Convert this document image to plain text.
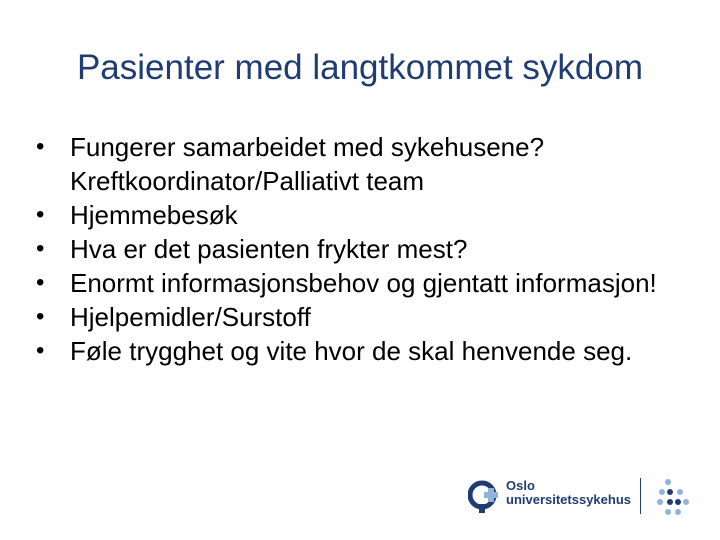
Pasienter med langtkommet sykdom
• Fungerer samarbeidet med sykehusene? Kreftkoordinator/Palliativt team
• Hjemmebesøk
• Hva er det pasienten frykter mest?
• Enormt informasjonsbehov og gjentatt informasjon!
• Hjelpemidler/Surstoff
• Føle trygghet og vite hvor de skal henvende seg.
Oslo
universitetssykehus
